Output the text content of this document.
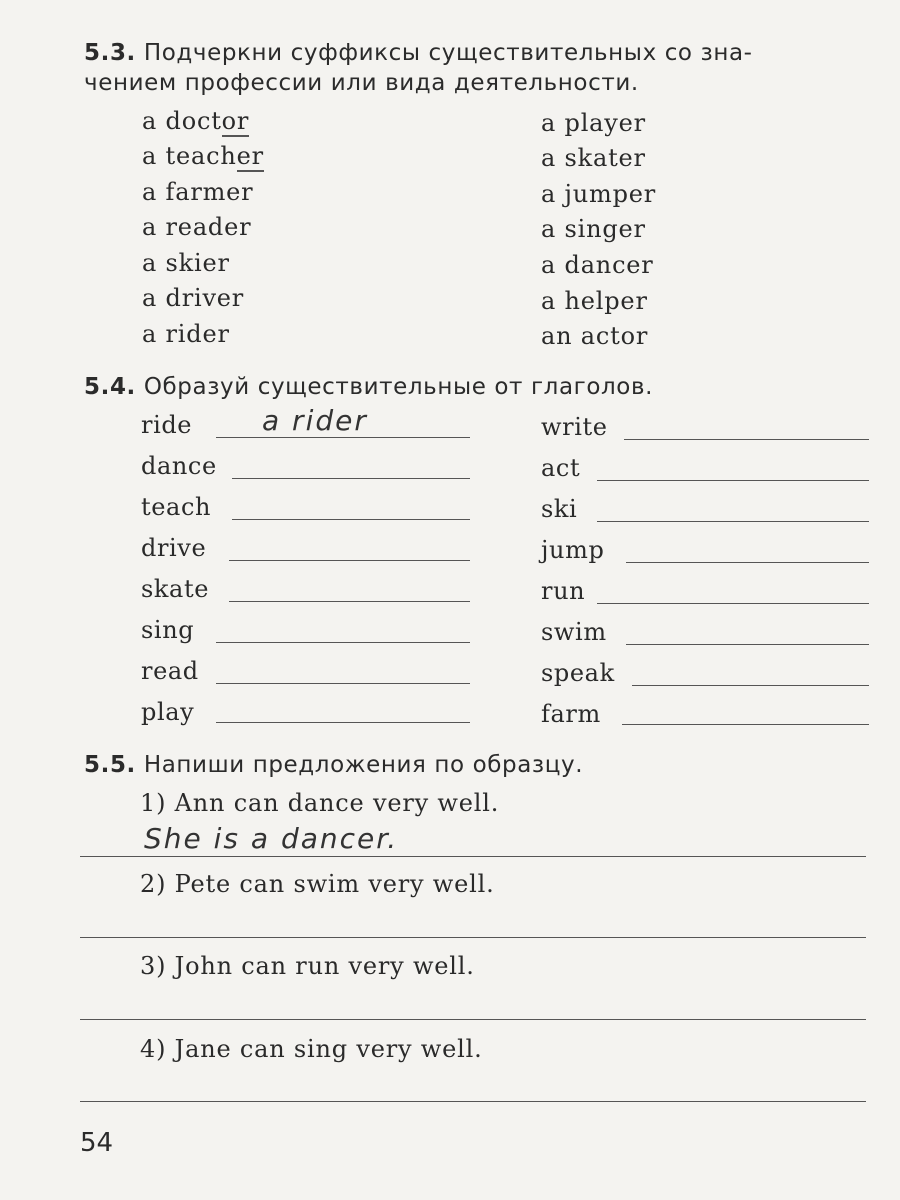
5.3. Подчеркни суффиксы существительных со зна-
чением профессии или вида деятельности.
a doctor
a teacher
a farmer
a reader
a skier
a driver
a rider
a player
a skater
a jumper
a singer
a dancer
a helper
an actor
5.4. Образуй существительные от глаголов.
ride a rider
dance
teach
drive
skate
sing
read
play
write
act
ski
jump
run
swim
speak
farm
5.5. Напиши предложения по образцу.
1) Ann can dance very well.
She is a dancer.
2) Pete can swim very well.
3) John can run very well.
4) Jane can sing very well.
54
